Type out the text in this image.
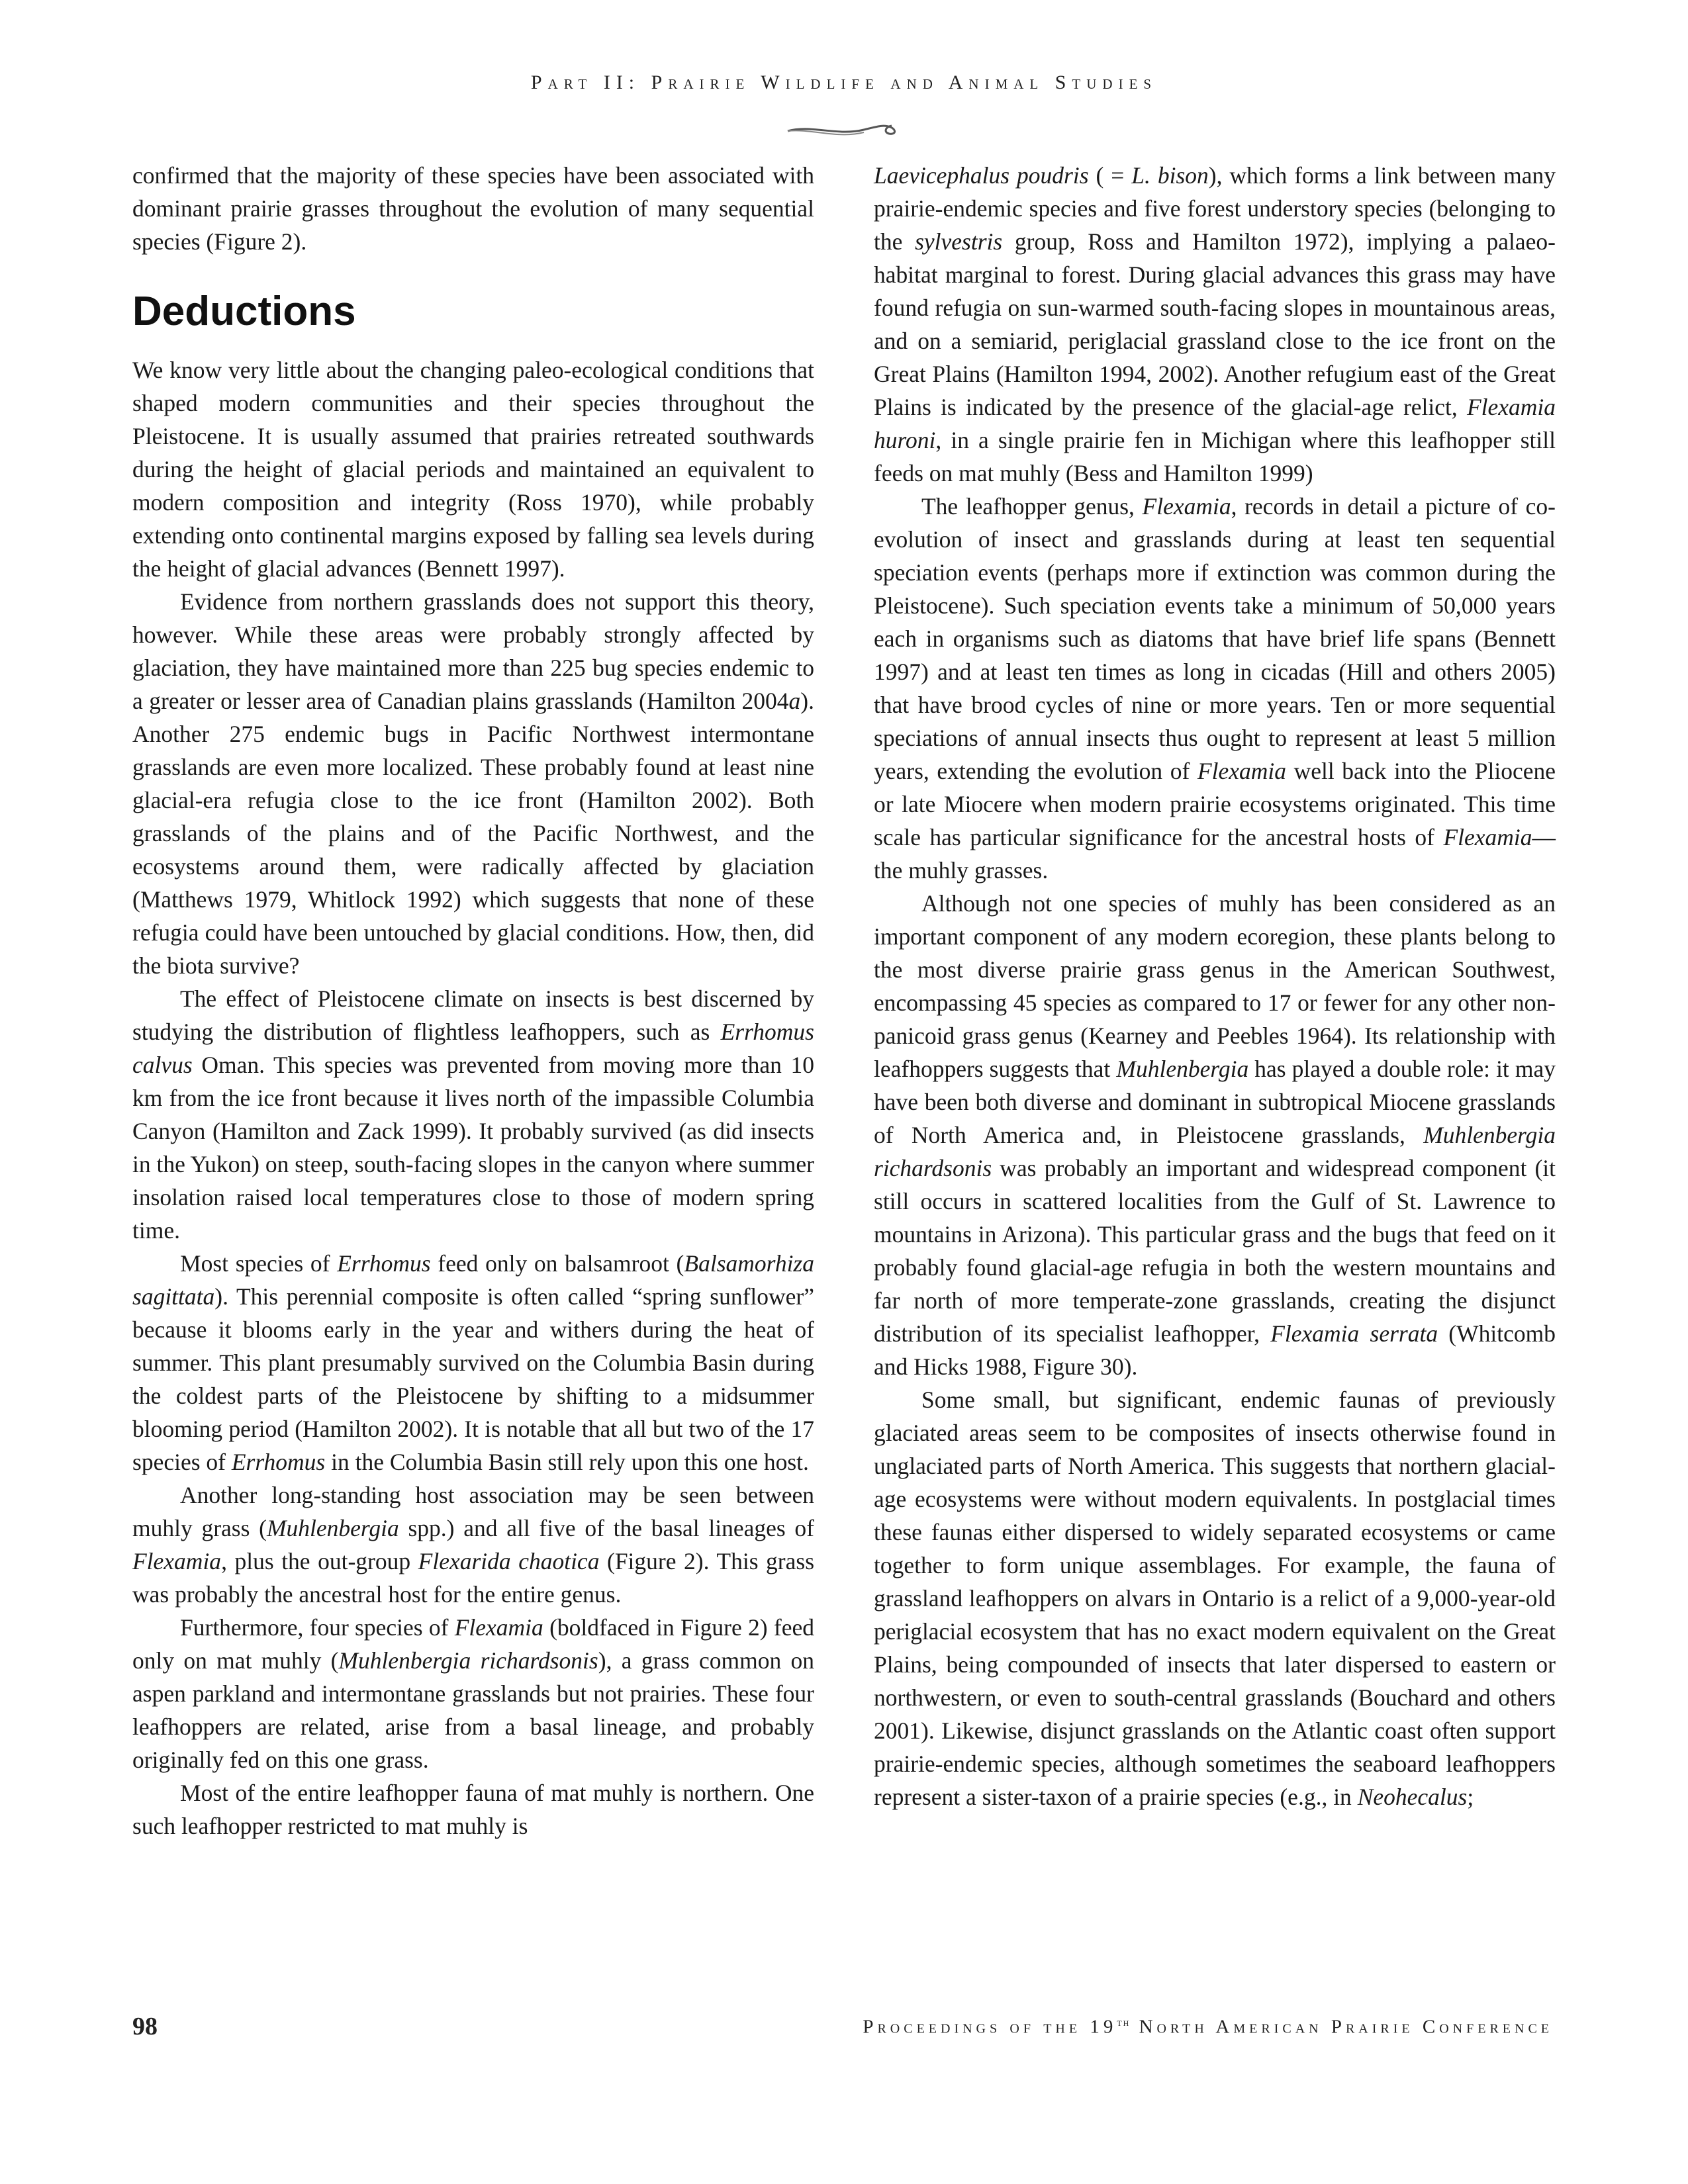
Part II: Prairie Wildlife and Animal Studies

confirmed that the majority of these species have been associated with dominant prairie grasses throughout the evolution of many sequential species (Figure 2).

Deductions

We know very little about the changing paleo-ecological conditions that shaped modern communities and their species throughout the Pleistocene. It is usually assumed that prairies retreated southwards during the height of glacial periods and maintained an equivalent to modern composition and integrity (Ross 1970), while probably extending onto continental margins exposed by falling sea levels during the height of glacial advances (Bennett 1997).

Evidence from northern grasslands does not support this theory, however. While these areas were probably strongly affected by glaciation, they have maintained more than 225 bug species endemic to a greater or lesser area of Canadian plains grasslands (Hamilton 2004a). Another 275 endemic bugs in Pacific Northwest intermontane grasslands are even more localized. These probably found at least nine glacial-era refugia close to the ice front (Hamilton 2002). Both grasslands of the plains and of the Pacific Northwest, and the ecosystems around them, were radically affected by glaciation (Matthews 1979, Whitlock 1992) which suggests that none of these refugia could have been untouched by glacial conditions. How, then, did the biota survive?

The effect of Pleistocene climate on insects is best discerned by studying the distribution of flightless leafhoppers, such as Errhomus calvus Oman. This species was prevented from moving more than 10 km from the ice front because it lives north of the impassible Columbia Canyon (Hamilton and Zack 1999). It probably survived (as did insects in the Yukon) on steep, south-facing slopes in the canyon where summer insolation raised local temperatures close to those of modern spring time.

Most species of Errhomus feed only on balsamroot (Balsamorhiza sagittata). This perennial composite is often called “spring sunflower” because it blooms early in the year and withers during the heat of summer. This plant presumably survived on the Columbia Basin during the coldest parts of the Pleistocene by shifting to a midsummer blooming period (Hamilton 2002). It is notable that all but two of the 17 species of Errhomus in the Columbia Basin still rely upon this one host.

Another long-standing host association may be seen between muhly grass (Muhlenbergia spp.) and all five of the basal lineages of Flexamia, plus the out-group Flexarida chaotica (Figure 2). This grass was probably the ancestral host for the entire genus.

Furthermore, four species of Flexamia (boldfaced in Figure 2) feed only on mat muhly (Muhlenbergia richardsonis), a grass common on aspen parkland and intermontane grasslands but not prairies. These four leafhoppers are related, arise from a basal lineage, and probably originally fed on this one grass.

Most of the entire leafhopper fauna of mat muhly is northern. One such leafhopper restricted to mat muhly is

Laevicephalus poudris ( = L. bison), which forms a link between many prairie-endemic species and five forest understory species (belonging to the sylvestris group, Ross and Hamilton 1972), implying a palaeo-habitat marginal to forest. During glacial advances this grass may have found refugia on sun-warmed south-facing slopes in mountainous areas, and on a semiarid, periglacial grassland close to the ice front on the Great Plains (Hamilton 1994, 2002). Another refugium east of the Great Plains is indicated by the presence of the glacial-age relict, Flexamia huroni, in a single prairie fen in Michigan where this leafhopper still feeds on mat muhly (Bess and Hamilton 1999)

The leafhopper genus, Flexamia, records in detail a picture of co-evolution of insect and grasslands during at least ten sequential speciation events (perhaps more if extinction was common during the Pleistocene). Such speciation events take a minimum of 50,000 years each in organisms such as diatoms that have brief life spans (Bennett 1997) and at least ten times as long in cicadas (Hill and others 2005) that have brood cycles of nine or more years. Ten or more sequential speciations of annual insects thus ought to represent at least 5 million years, extending the evolution of Flexamia well back into the Pliocene or late Miocere when modern prairie ecosystems originated. This time scale has particular significance for the ancestral hosts of Flexamia—the muhly grasses.

Although not one species of muhly has been considered as an important component of any modern ecoregion, these plants belong to the most diverse prairie grass genus in the American Southwest, encompassing 45 species as compared to 17 or fewer for any other non-panicoid grass genus (Kearney and Peebles 1964). Its relationship with leafhoppers suggests that Muhlenbergia has played a double role: it may have been both diverse and dominant in subtropical Miocene grasslands of North America and, in Pleistocene grasslands, Muhlenbergia richardsonis was probably an important and widespread component (it still occurs in scattered localities from the Gulf of St. Lawrence to mountains in Arizona). This particular grass and the bugs that feed on it probably found glacial-age refugia in both the western mountains and far north of more temperate-zone grasslands, creating the disjunct distribution of its specialist leafhopper, Flexamia serrata (Whitcomb and Hicks 1988, Figure 30).

Some small, but significant, endemic faunas of previously glaciated areas seem to be composites of insects otherwise found in unglaciated parts of North America. This suggests that northern glacial-age ecosystems were without modern equivalents. In postglacial times these faunas either dispersed to widely separated ecosystems or came together to form unique assemblages. For example, the fauna of grassland leafhoppers on alvars in Ontario is a relict of a 9,000-year-old periglacial ecosystem that has no exact modern equivalent on the Great Plains, being compounded of insects that later dispersed to eastern or northwestern, or even to south-central grasslands (Bouchard and others 2001). Likewise, disjunct grasslands on the Atlantic coast often support prairie-endemic species, although sometimes the seaboard leafhoppers represent a sister-taxon of a prairie species (e.g., in Neohecalus;

98	Proceedings of the 19th North American Prairie Conference
